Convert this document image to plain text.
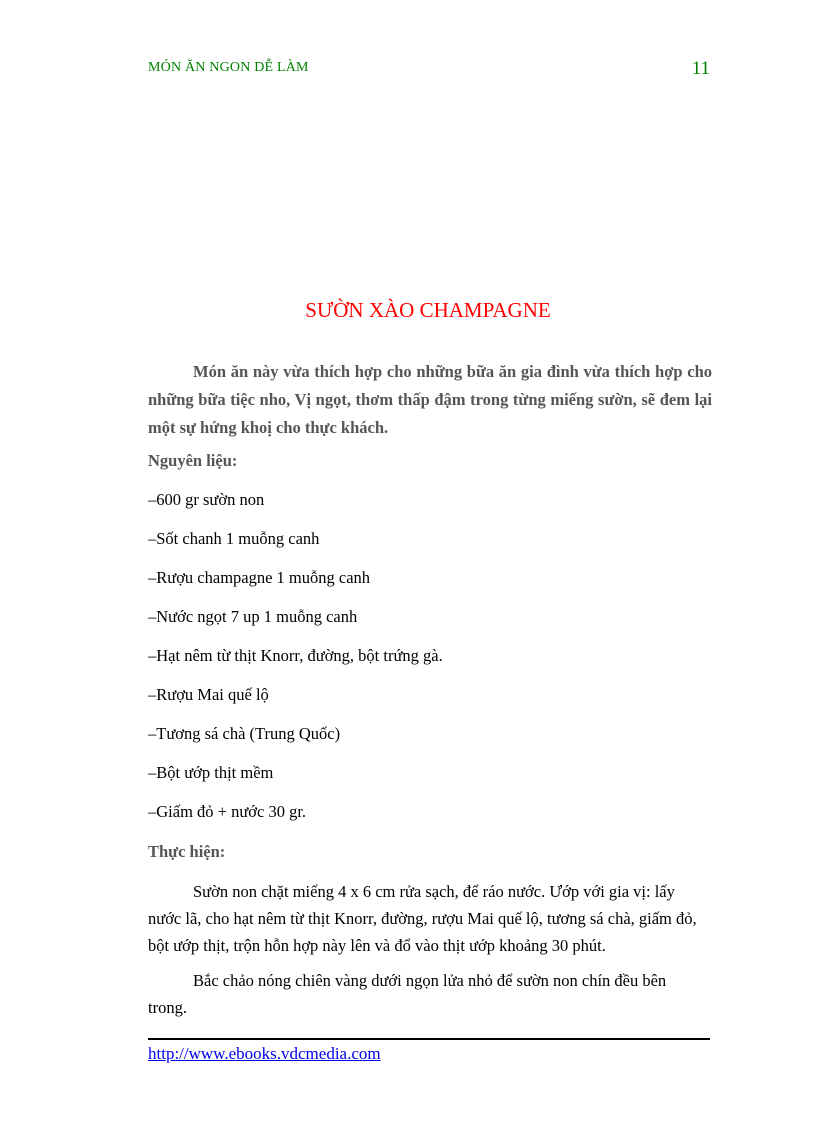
MÓN ĂN NGON DỄ LÀM	11
SƯỜN XÀO CHAMPAGNE

Món ăn này vừa thích hợp cho những bữa ăn gia đình vừa thích hợp cho những bữa tiệc nho, Vị ngọt, thơm thấp đậm trong từng miếng sườn, sẽ đem lại một sự hứng khoị cho thực khách.

Nguyên liệu:

–600 gr sườn non
–Sốt chanh 1 muỗng canh
–Rượu champagne 1 muỗng canh
–Nước ngọt 7 up 1 muỗng canh
–Hạt nêm từ thịt Knorr, đường, bột trứng gà.
–Rượu Mai quế lộ
–Tương sá chà (Trung Quốc)
–Bột ướp thịt mềm
–Giấm đỏ + nước 30 gr.

Thực hiện:

Sườn non chặt miếng 4 x 6 cm rửa sạch, để ráo nước. Ướp với gia vị: lấy nước lã, cho hạt nêm từ thịt Knorr, đường, rượu Mai quế lộ, tương sá chà, giấm đỏ, bột ướp thịt, trộn hỗn hợp này lên và đổ vào thịt ướp khoảng 30 phút.

Bắc chảo nóng chiên vàng dưới ngọn lửa nhỏ để sườn non chín đều bên trong.

http://www.ebooks.vdcmedia.com
